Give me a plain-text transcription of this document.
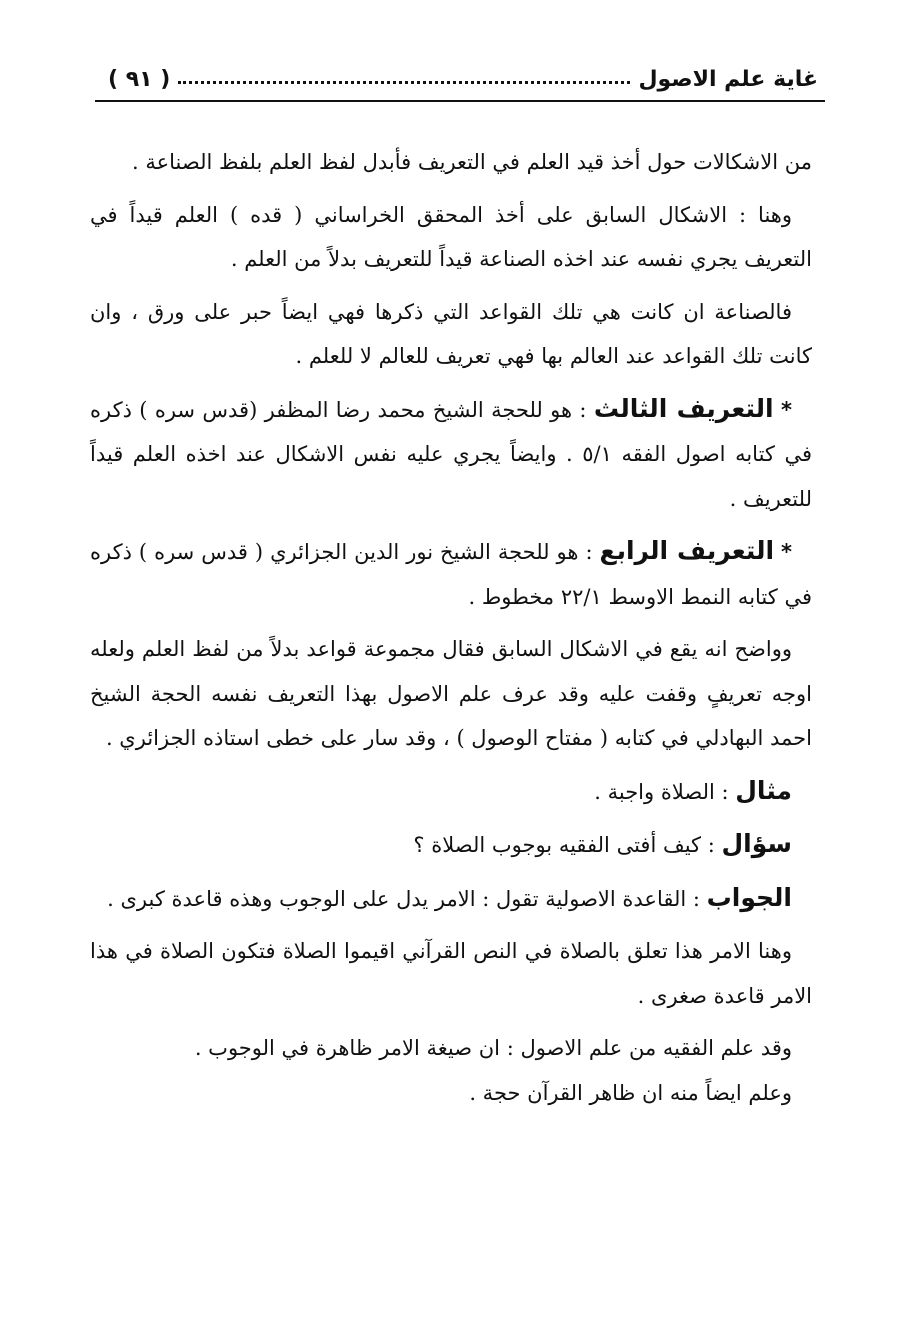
غاية علم الاصول
( ٩١ )

من الاشكالات حول أخذ قيد العلم في التعريف فأبدل لفظ العلم بلفظ الصناعة .

وهنا : الاشكال السابق على أخذ المحقق الخراساني ( قده ) العلم قيداً في التعريف يجري نفسه عند اخذه الصناعة قيداً للتعريف بدلاً من العلم .

فالصناعة ان كانت هي تلك القواعد التي ذكرها فهي ايضاً حبر على ورق ، وان كانت تلك القواعد عند العالم بها فهي تعريف للعالم لا للعلم .

* التعريف الثالث : هو للحجة الشيخ محمد رضا المظفر (قدس سره ) ذكره في كتابه اصول الفقه ٥/١ . وايضاً يجري عليه نفس الاشكال عند اخذه العلم قيداً للتعريف .

* التعريف الرابع : هو للحجة الشيخ نور الدين الجزائري ( قدس سره ) ذكره في كتابه النمط الاوسط ٢٢/١ مخطوط .

وواضح انه يقع في الاشكال السابق فقال مجموعة قواعد بدلاً من لفظ العلم ولعله اوجه تعريفٍ وقفت عليه وقد عرف علم الاصول بهذا التعريف نفسه الحجة الشيخ احمد البهادلي في كتابه ( مفتاح الوصول ) ، وقد سار على خطى استاذه الجزائري .

مثال : الصلاة واجبة .

سؤال : كيف أفتى الفقيه بوجوب الصلاة ؟

الجواب : القاعدة الاصولية تقول : الامر يدل على الوجوب وهذه قاعدة كبرى .

وهنا الامر هذا تعلق بالصلاة في النص القرآني اقيموا الصلاة فتكون الصلاة في هذا الامر قاعدة صغرى .

وقد علم الفقيه من علم الاصول : ان صيغة الامر ظاهرة في الوجوب .

وعلم ايضاً منه ان ظاهر القرآن حجة .
